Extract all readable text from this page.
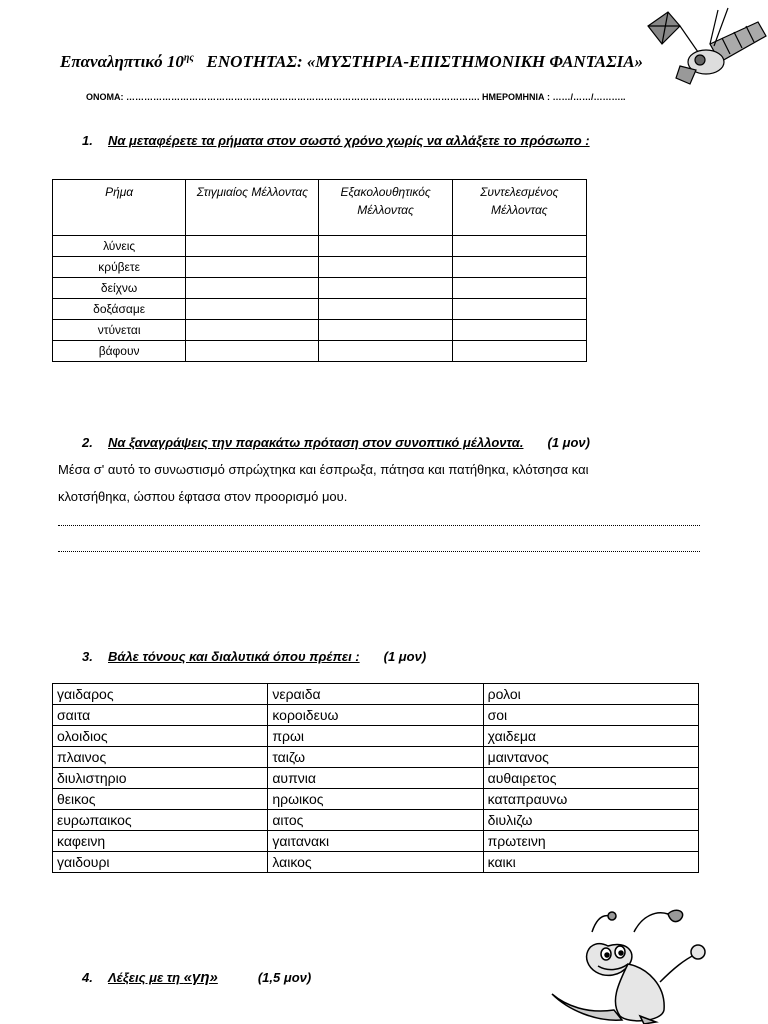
Επαναληπτικό $10^{\eta\varsigma}$ ΕΝΟΤΗΤΑΣ: «ΜΥΣΤΗΡΙΑ-ΕΠΙΣΤΗΜΟΝΙΚΗ ΦΑΝΤΑΣΙΑ»
ΟΝΟΜΑ: ………………………………………………………………………………………………………. ΗΜΕΡΟΜΗΝΙΑ : ……/……/………..
1. Να μεταφέρετε τα ρήματα στον σωστό χρόνο χωρίς να αλλάξετε το πρόσωπο :
Ρήμα	Στιγμιαίος Μέλλοντας	Εξακολουθητικός Μέλλοντας	Συντελεσμένος Μέλλοντας
λύνεις			
κρύβετε			
δείχνω			
δοξάσαμε			
ντύνεται			
βάφουν			
2. Να ξαναγράψεις την παρακάτω πρόταση στον συνοπτικό μέλλοντα. (1 μον)
Μέσα σ' αυτό το συνωστισμό σπρώχτηκα και έσπρωξα, πάτησα και πατήθηκα, κλότσησα και
κλοτσήθηκα, ώσπου έφτασα στον προορισμό μου.
3. Βάλε τόνους και διαλυτικά όπου πρέπει : (1 μον)
γαιδαρος	νεραιδα	ρολοι
σαιτα	κοροιδευω	σοι
ολοιδιος	πρωι	χαιδεμα
πλαινος	ταιζω	μαιντανος
διυλιστηριο	αυπνια	αυθαιρετος
θεικος	ηρωικος	καταπραυνω
ευρωπαικος	αιτος	διυλιζω
καφεινη	γαιτανακι	πρωτεινη
γαιδουρι	λαικος	καικι
4. Λέξεις με τη «γη»	(1,5 μον)
